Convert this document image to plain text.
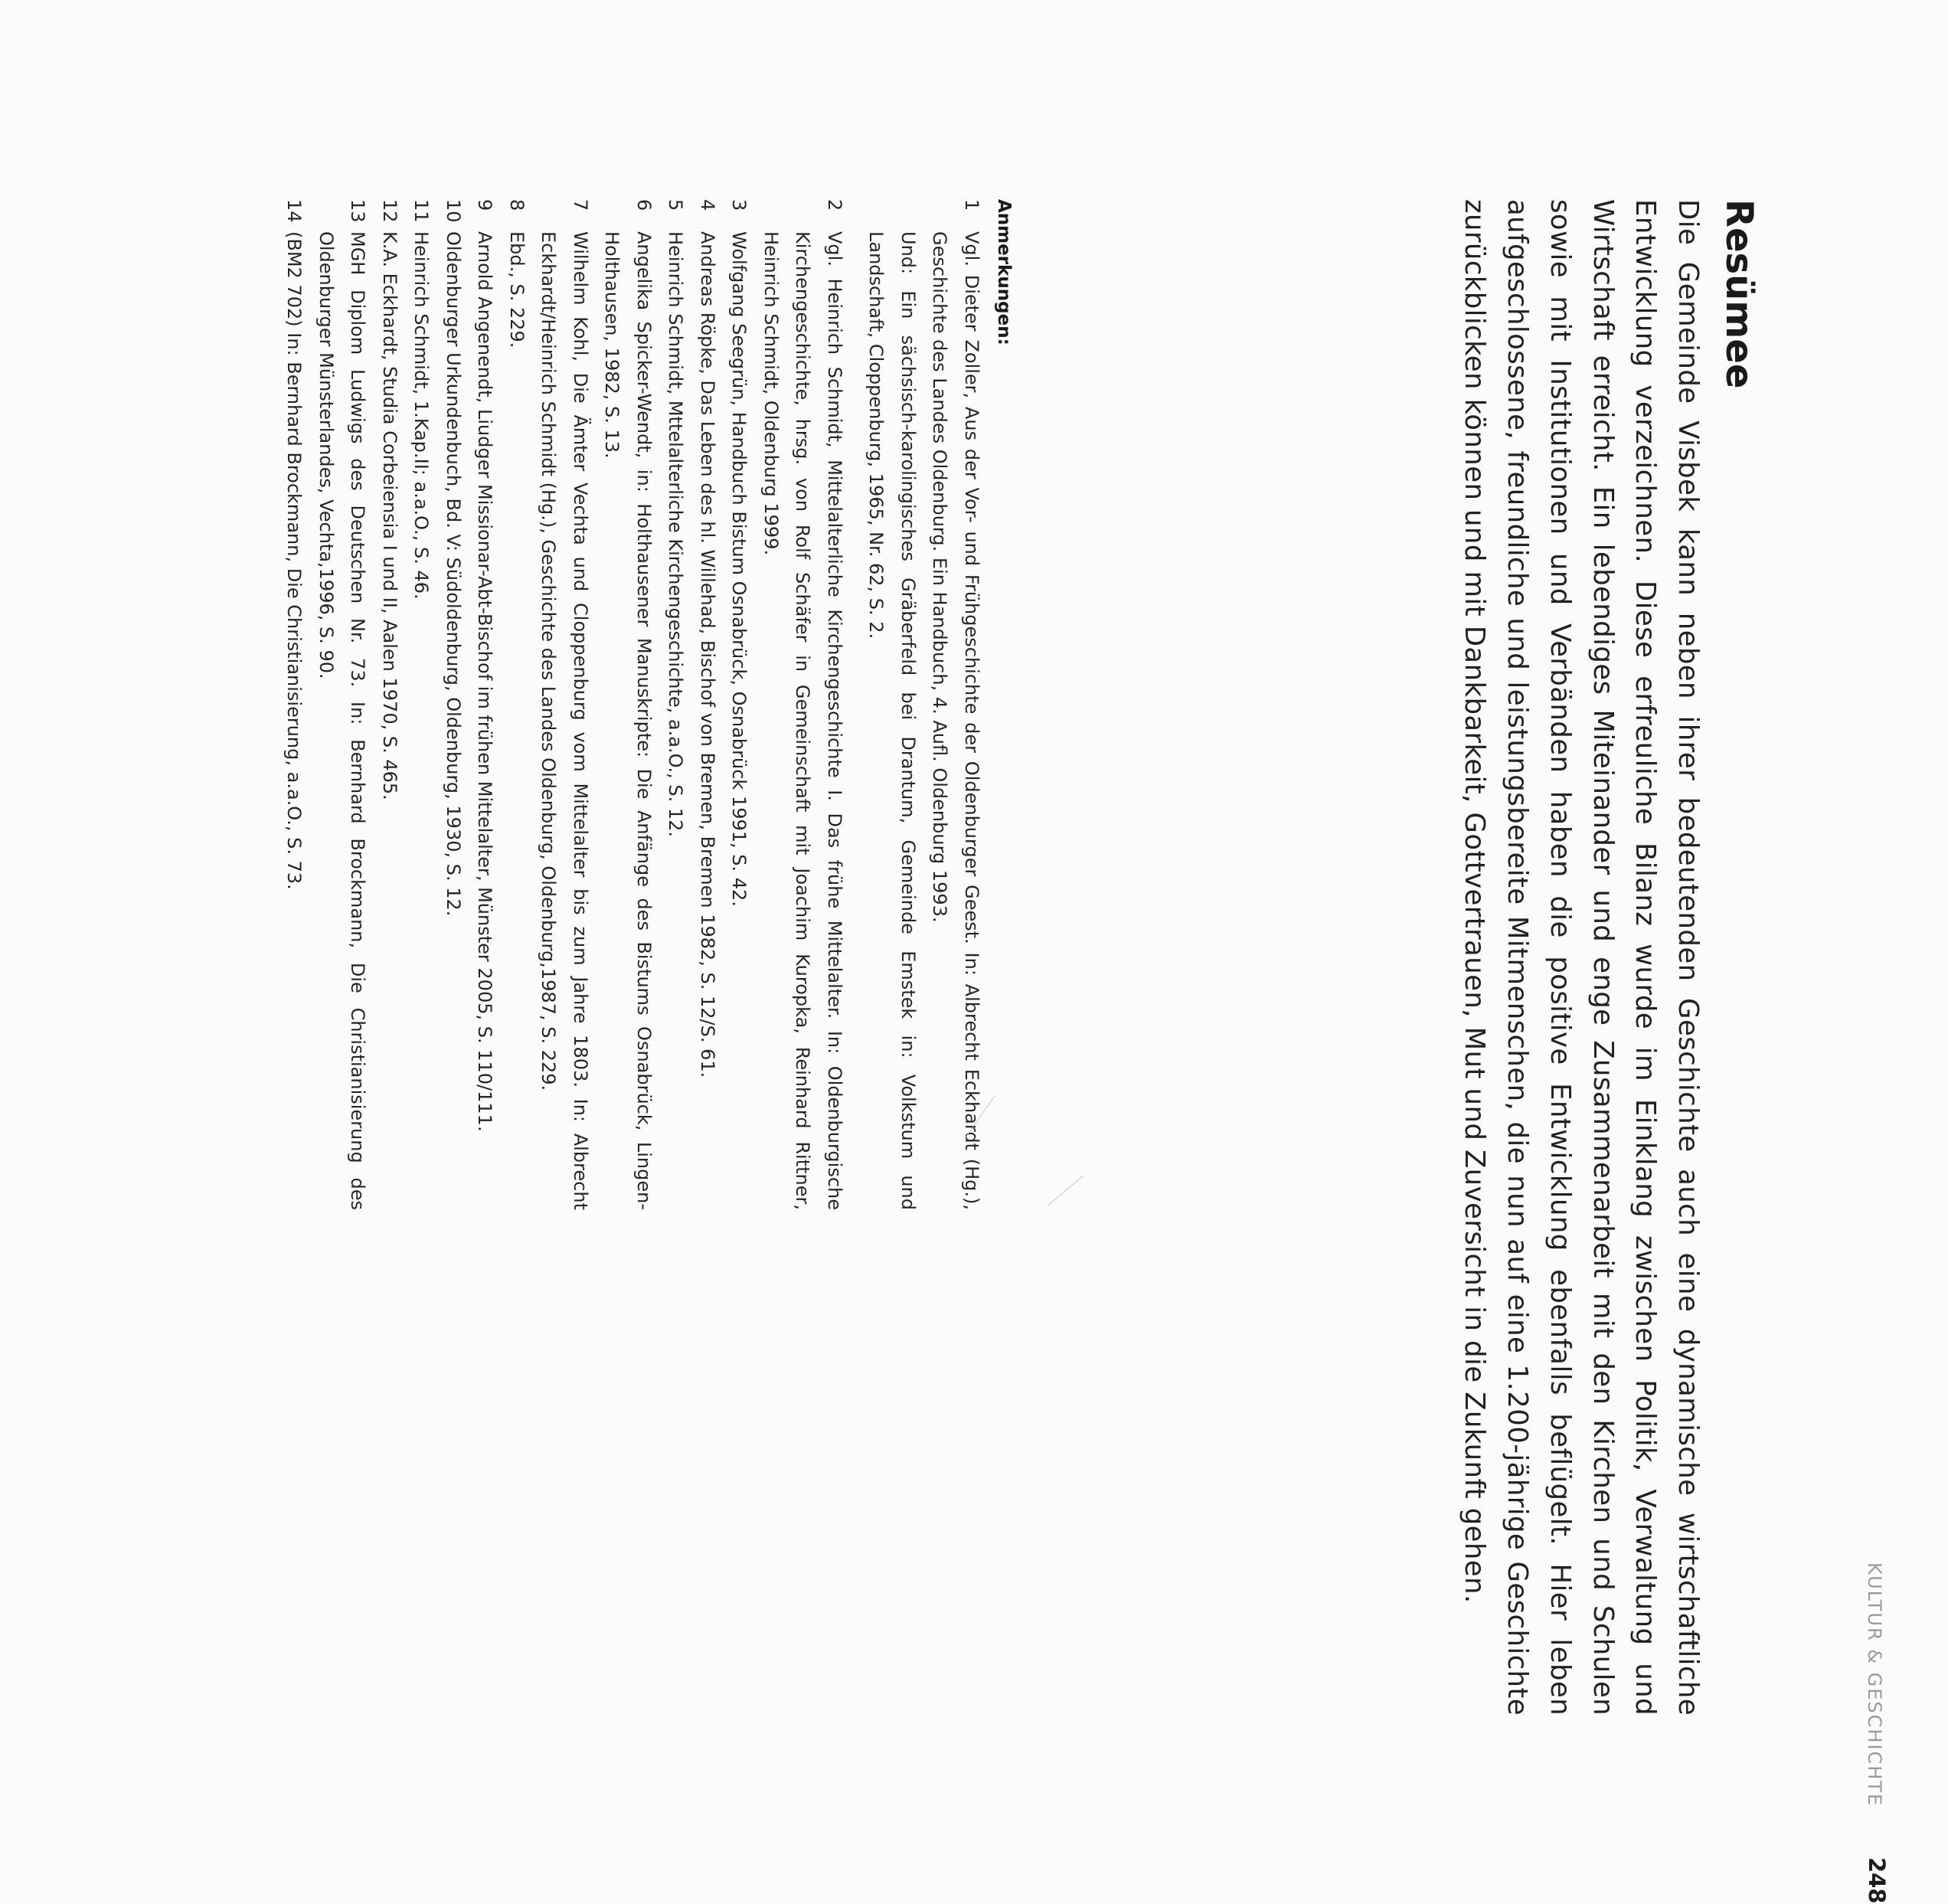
KULTUR & GESCHICHTE
248
Resümee
Die Gemeinde Visbek kann neben ihrer bedeutenden Geschichte auch eine dynamische wirtschaftliche Entwicklung verzeichnen. Diese erfreuliche Bilanz wurde im Einklang zwischen Politik, Verwaltung und Wirtschaft erreicht. Ein lebendiges Miteinander und enge Zusammenarbeit mit den Kirchen und Schulen sowie mit Institutionen und Verbänden haben die positive Entwicklung ebenfalls beflügelt. Hier leben aufgeschlossene, freundliche und leistungsbereite Mitmenschen, die nun auf eine 1.200-jährige Geschichte zurückblicken können und mit Dankbarkeit, Gottvertrauen, Mut und Zuversicht in die Zukunft gehen.
Anmerkungen:
1
Vgl. Dieter Zoller, Aus der Vor- und Frühgeschichte der Oldenburger Geest. In: Albrecht Eckhardt (Hg.), Geschichte des Landes Oldenburg. Ein Handbuch, 4. Aufl. Oldenburg 1993.
Und: Ein sächsisch-karolingisches Gräberfeld bei Drantum, Gemeinde Emstek in: Volkstum und Landschaft, Cloppenburg, 1965, Nr. 62, S. 2.
2
Vgl. Heinrich Schmidt, Mittelalterliche Kirchengeschichte I. Das frühe Mittelalter. In: Oldenburgische Kirchengeschichte, hrsg. von Rolf Schäfer in Gemeinschaft mit Joachim Kuropka, Reinhard Rittner, Heinrich Schmidt, Oldenburg 1999.
3
Wolfgang Seegrün, Handbuch Bistum Osnabrück, Osnabrück 1991, S. 42.
4
Andreas Röpke, Das Leben des hl. Willehad, Bischof von Bremen, Bremen 1982, S. 12/S. 61.
5
Heinrich Schmidt, Mttelalterliche Kirchengeschichte, a.a.O., S. 12.
6
Angelika Spicker-Wendt, in: Holthausener Manuskripte: Die Anfänge des Bistums Osnabrück, Lingen-Holthausen, 1982, S. 13.
7
Wilhelm Kohl, Die Ämter Vechta und Cloppenburg vom Mittelalter bis zum Jahre 1803. In: Albrecht Eckhardt/Heinrich Schmidt (Hg.), Geschichte des Landes Oldenburg, Oldenburg,1987, S. 229.
8
Ebd., S. 229.
9
Arnold Angenendt, Liudger Missionar-Abt-Bischof im frühen Mittelalter, Münster 2005, S. 110/111.
10
Oldenburger Urkundenbuch, Bd. V: Südoldenburg, Oldenburg, 1930, S. 12.
11
Heinrich Schmidt, 1.Kap.II; a.a.O., S. 46.
12
K.A. Eckhardt, Studia Corbeiensia I und II, Aalen 1970, S. 465.
13
MGH Diplom Ludwigs des Deutschen Nr. 73. In: Bernhard Brockmann, Die Christianisierung des Oldenburger Münsterlandes, Vechta,1996, S. 90.
14
(BM2 702) In: Bernhard Brockmann, Die Christianisierung, a.a.O., S. 73.
